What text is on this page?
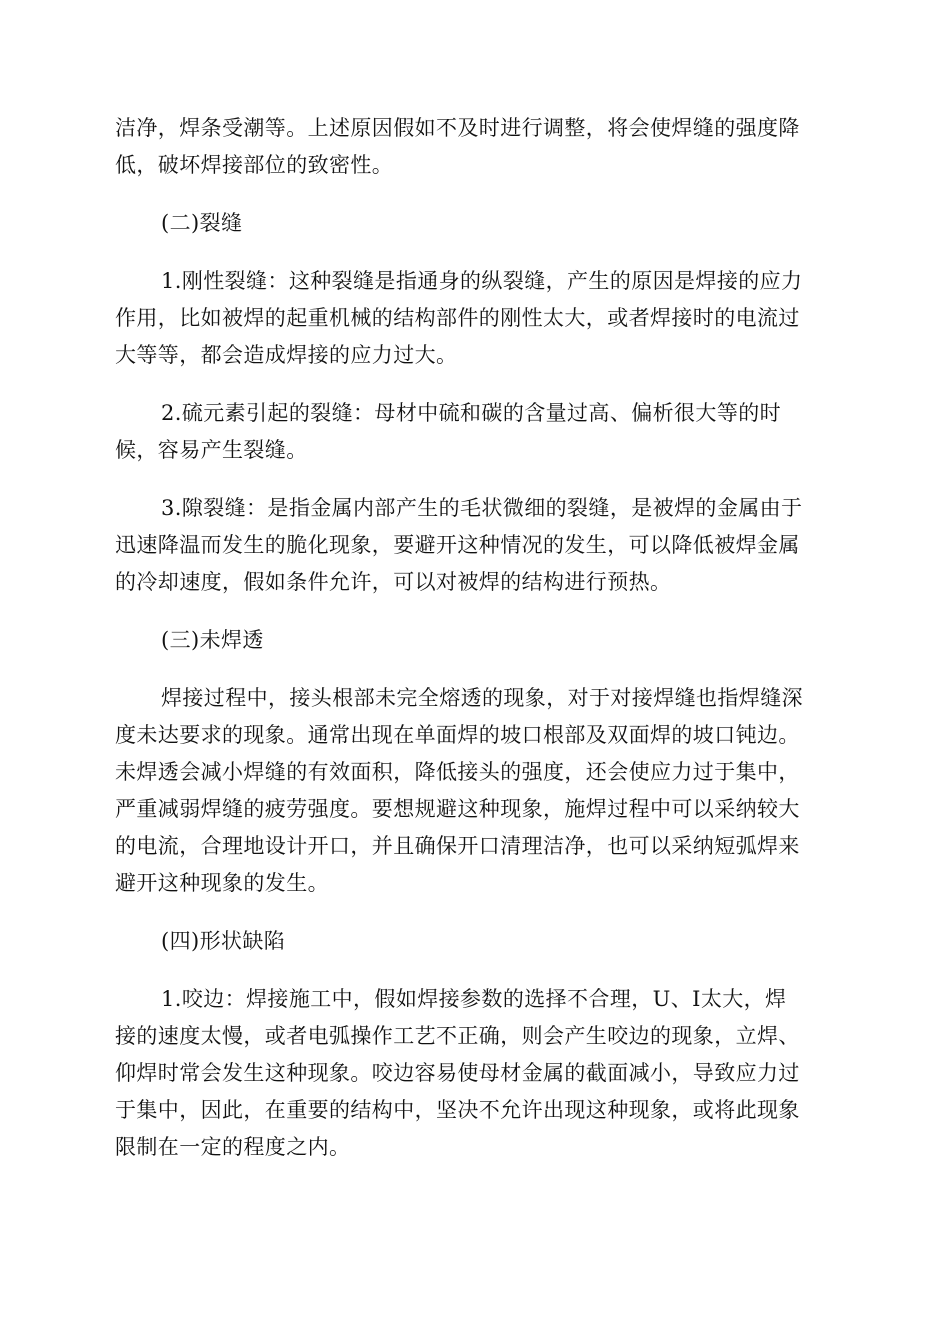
洁净，焊条受潮等。上述原因假如不及时进行调整，将会使焊缝的强度降
低，破坏焊接部位的致密性。

(二)裂缝

1.刚性裂缝：这种裂缝是指通身的纵裂缝，产生的原因是焊接的应力
作用，比如被焊的起重机械的结构部件的刚性太大，或者焊接时的电流过
大等等，都会造成焊接的应力过大。

2.硫元素引起的裂缝：母材中硫和碳的含量过高、偏析很大等的时
候，容易产生裂缝。

3.隙裂缝：是指金属内部产生的毛状微细的裂缝，是被焊的金属由于
迅速降温而发生的脆化现象，要避开这种情况的发生，可以降低被焊金属
的冷却速度，假如条件允许，可以对被焊的结构进行预热。

(三)未焊透

焊接过程中，接头根部未完全熔透的现象，对于对接焊缝也指焊缝深
度未达要求的现象。通常出现在单面焊的坡口根部及双面焊的坡口钝边。
未焊透会减小焊缝的有效面积，降低接头的强度，还会使应力过于集中，
严重减弱焊缝的疲劳强度。要想规避这种现象，施焊过程中可以采纳较大
的电流，合理地设计开口，并且确保开口清理洁净，也可以采纳短弧焊来
避开这种现象的发生。

(四)形状缺陷

1.咬边：焊接施工中，假如焊接参数的选择不合理，U、I太大，焊
接的速度太慢，或者电弧操作工艺不正确，则会产生咬边的现象，立焊、
仰焊时常会发生这种现象。咬边容易使母材金属的截面减小，导致应力过
于集中，因此，在重要的结构中，坚决不允许出现这种现象，或将此现象
限制在一定的程度之内。
